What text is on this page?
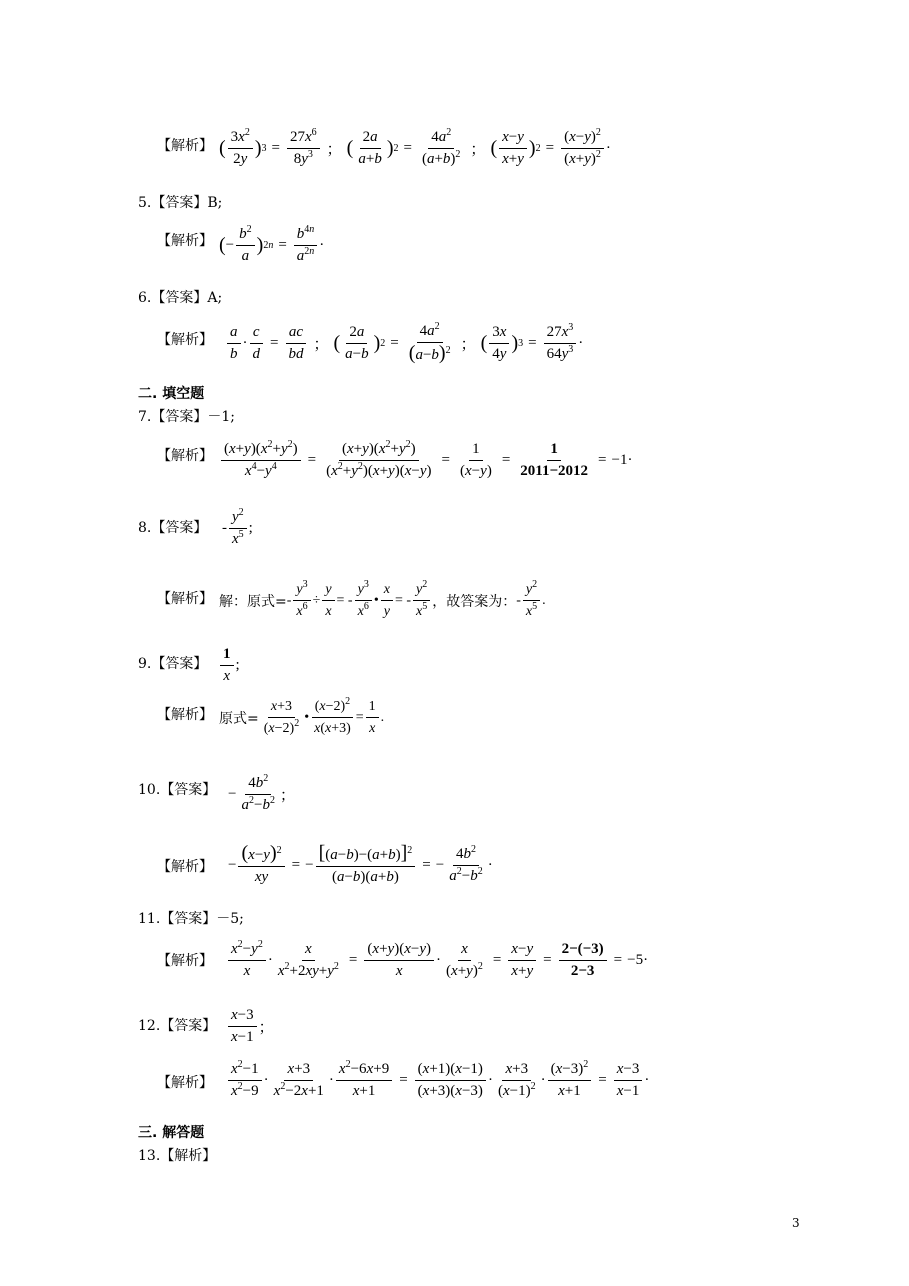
【解析】 ( $\frac{3x^2}{2y}$ ) $3 = \frac{27x^6}{8y^3}$ ； ( $\frac{2a}{a+b}$ ) $2 = \frac{4a^2}{(a+b)^2}$ ； ( $\frac{x-y}{x+y}$ ) $2 = \frac{(x-y)^2}{(x+y)^2}$ ·
5.【答案】B;
【解析】 ( − $\frac{b^2}{a}$ ) $2n = \frac{b^{4n}}{a^{2n}}$ ·
6.【答案】A;
【解析】 $\frac{a}{b} \cdot \frac{c}{d} = \frac{ac}{bd}$ ； ( $\frac{2a}{a-b}$ ) $2 = \frac{4a^2}{(a-b)^2}$ ； ( $\frac{3x}{4y}$ ) $3 = \frac{27x^3}{64y^3}$ ·
二. 填空题
7.【答案】－1;
【解析】 $\frac{(x+y)(x^2+y^2)}{x^4-y^4} = \frac{(x+y)(x^2+y^2)}{(x^2+y^2)(x+y)(x-y)} = \frac{1}{(x-y)} = \frac{1}{2011-2012} = -1$ ·
8.【答案】 - $\frac{y^2}{x^5}$ ;
【解析】 解：原式= - $\frac{y^3}{x^6} \div \frac{y}{x}$ = - $\frac{y^3}{x^6}$ • $\frac{x}{y}$ = - $\frac{y^2}{x^5}$ ，故答案为： - $\frac{y^2}{x^5}$ .
9.【答案】 $\frac{1}{x}$ ;
【解析】 原式= $\frac{x+3}{(x-2)^2}$ • $\frac{(x-2)^2}{x(x+3)} = \frac{1}{x}$ .
10.【答案】 − $\frac{4b^2}{a^2-b^2}$ ；
【解析】 − $\frac{(x-y)^2}{xy}$ = − $\frac{[(a-b)-(a+b)]^2}{(a-b)(a+b)}$ = − $\frac{4b^2}{a^2-b^2}$ ·
11.【答案】－5;
【解析】 $\frac{x^2-y^2}{x} \cdot \frac{x}{x^2+2xy+y^2} = \frac{(x+y)(x-y)}{x} \cdot \frac{x}{(x+y)^2} = \frac{x-y}{x+y} = \frac{2-(-3)}{2-3} = -5$ ·
12.【答案】 $\frac{x-3}{x-1}$ ；
【解析】 $\frac{x^2-1}{x^2-9} \cdot \frac{x+3}{x^2-2x+1} \cdot \frac{x^2-6x+9}{x+1} = \frac{(x+1)(x-1)}{(x+3)(x-3)} \cdot \frac{x+3}{(x-1)^2} \cdot \frac{(x-3)^2}{x+1} = \frac{x-3}{x-1}$ ·
三. 解答题
13.【解析】
3
